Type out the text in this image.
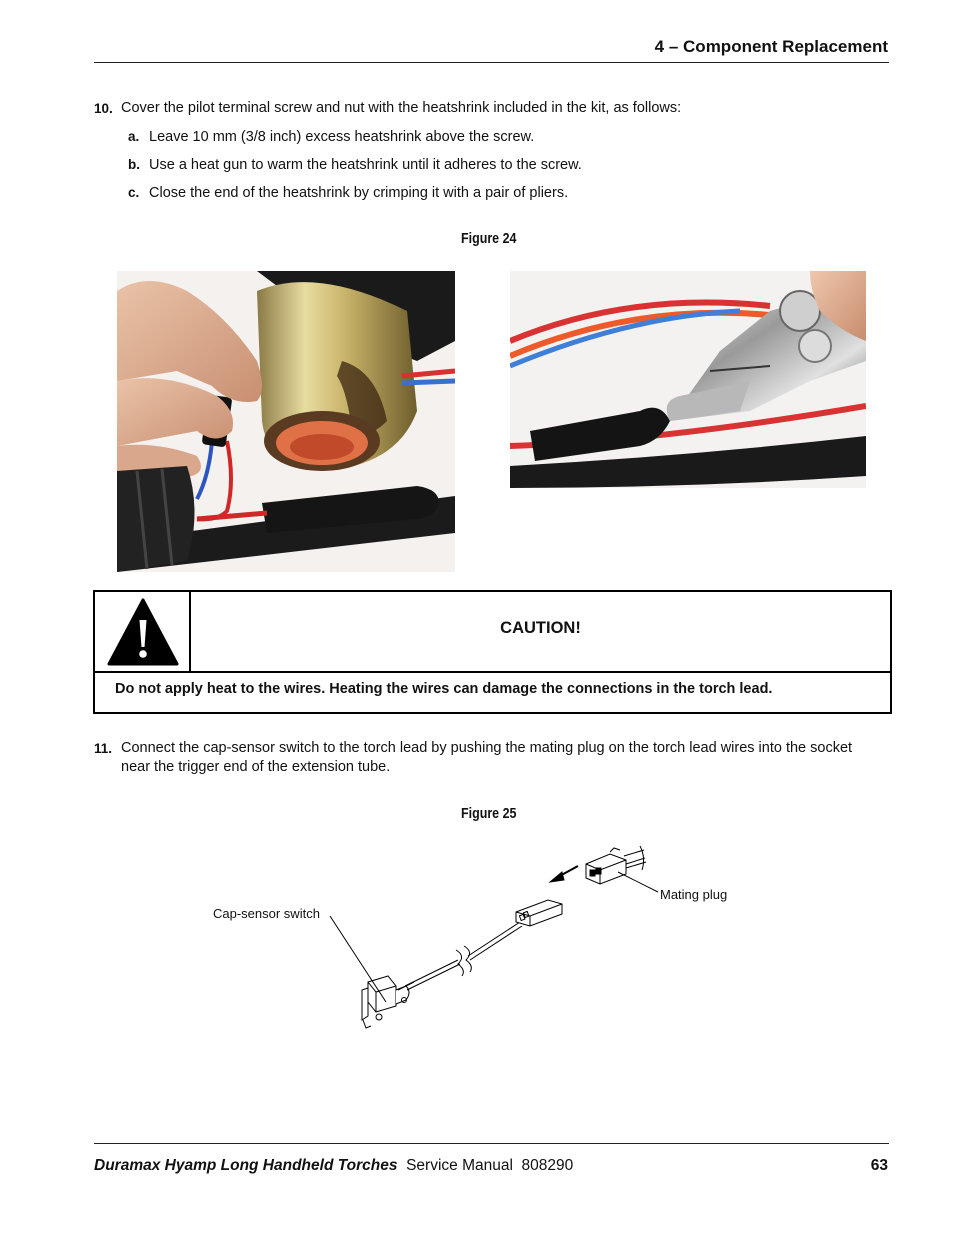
4 – Component Replacement
10. Cover the pilot terminal screw and nut with the heatshrink included in the kit, as follows:
a. Leave 10 mm (3/8 inch) excess heatshrink above the screw.
b. Use a heat gun to warm the heatshrink until it adheres to the screw.
c. Close the end of the heatshrink by crimping it with a pair of pliers.
Figure 24
CAUTION!
Do not apply heat to the wires. Heating the wires can damage the connections in the torch lead.
11. Connect the cap-sensor switch to the torch lead by pushing the mating plug on the torch lead wires into the socket
near the trigger end of the extension tube.
Figure 25
Cap-sensor switch
Mating plug
Duramax Hyamp Long Handheld Torches Service Manual 808290	63
